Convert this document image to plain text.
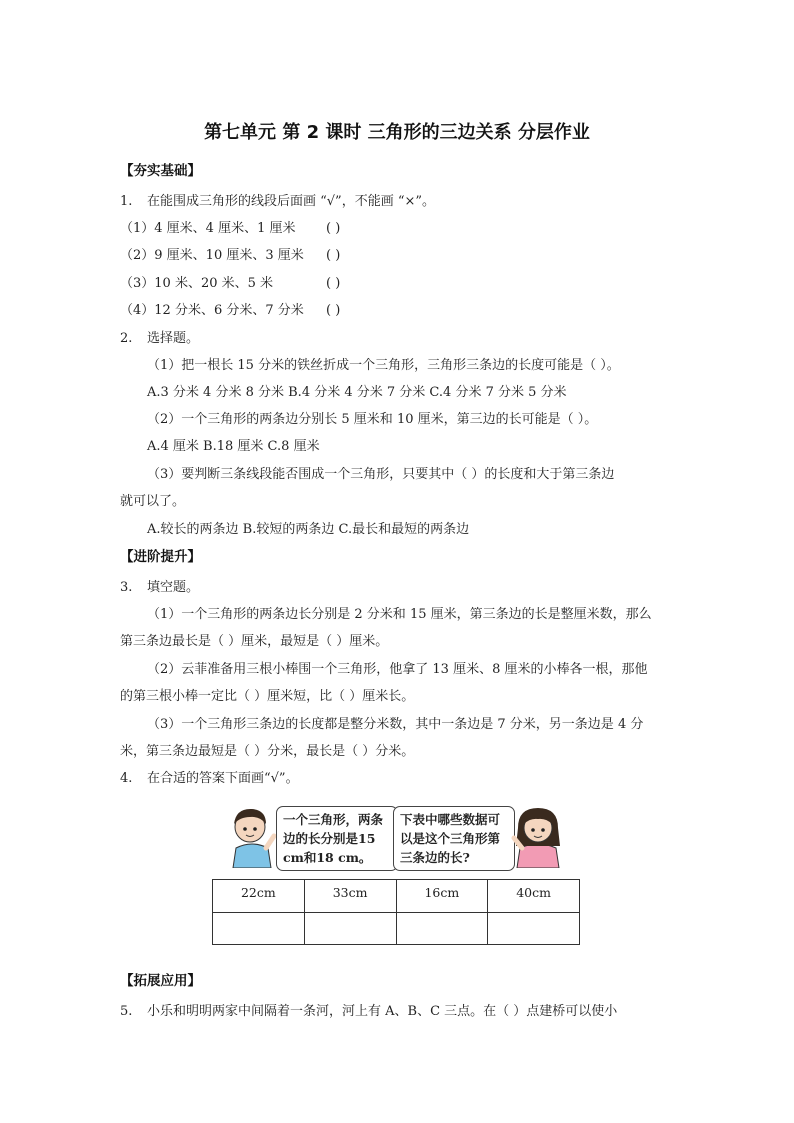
第七单元 第 2 课时 三角形的三边关系 分层作业
【夯实基础】
1. 在能围成三角形的线段后面画 “√”，不能画 “×”。
（1）4 厘米、4 厘米、1 厘米 ( )
（2）9 厘米、10 厘米、3 厘米 ( )
（3）10 米、20 米、5 米	( )
（4）12 分米、6 分米、7 分米 ( )
2. 选择题。
（1）把一根长 15 分米的铁丝折成一个三角形，三角形三条边的长度可能是（ ）。
A.3 分米 4 分米 8 分米 B.4 分米 4 分米 7 分米 C.4 分米 7 分米 5 分米
（2）一个三角形的两条边分别长 5 厘米和 10 厘米，第三边的长可能是（ ）。
A.4 厘米 B.18 厘米 C.8 厘米
（3）要判断三条线段能否围成一个三角形，只要其中（ ）的长度和大于第三条边
就可以了。
A.较长的两条边 B.较短的两条边 C.最长和最短的两条边
【进阶提升】
3. 填空题。
（1）一个三角形的两条边长分别是 2 分米和 15 厘米，第三条边的长是整厘米数，那么
第三条边最长是（ ）厘米，最短是（ ）厘米。
（2）云菲准备用三根小棒围一个三角形，他拿了 13 厘米、8 厘米的小棒各一根，那他
的第三根小棒一定比（ ）厘米短，比（ ）厘米长。
（3）一个三角形三条边的长度都是整分米数，其中一条边是 7 分米，另一条边是 4 分
米，第三条边最短是（ ）分米，最长是（ ）分米。
4. 在合适的答案下面画“√”。
一个三角形，两条边的长分别是15 cm和18 cm。
下表中哪些数据可以是这个三角形第三条边的长?
22cm	33cm	16cm	40cm

【拓展应用】
5. 小乐和明明两家中间隔着一条河，河上有 A、B、C 三点。在（ ）点建桥可以使小
